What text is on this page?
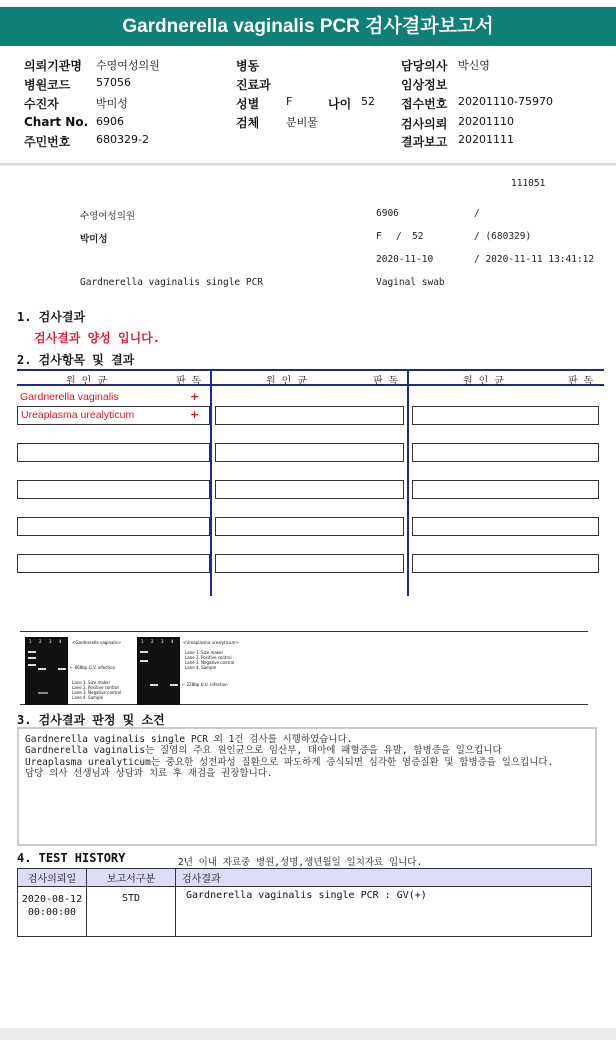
Gardnerella vaginalis PCR 검사결과보고서
의뢰기관명 수영여성의원
병원코드 57056
수진자	박미성
Chart No. 6906
주민번호 680329-2
병동
진료과
성별 F	나이 52
검체 분비물
담당의사 박신영
임상정보
접수번호 20201110-75970
검사의뢰 20201110
결과보고 20201111
111051
수영여성의원	6906	/
박미성	F / 52	/ (680329)
2020-11-10	/ 2020-11-11 13:41:12
Gardnerella vaginalis single PCR	Vaginal swab
1. 검사결과
검사결과 양성 입니다.
2. 검사항목 및 결과
원 인 균	판 독	원 인 균	판 독	원 인 균	판 독
Gardnerella vaginalis	+
Ureaplasma urealyticum	+
1 2 3 4	<Gardnerella vaginalis>
← 668bp G.V. infection
Lane 1. Size maker
Lane 2. Positive control
Lane 3. Negative control
Lane 4. Sample
1 2 3 4 <Ureaplasma urealyticum>
Lane 1. Size maker
Lane 2. Positive control
Lane 3. Negative control
Lane 4. Sample
← 228bp U.U. infection
3. 검사결과 판정 및 소견
Gardnerella vaginalis single PCR 외 1건 검사를 시행하였습니다.
Gardnerella vaginalis는 질염의 주요 원인균으로 임산부, 태아에 패혈증을 유발, 합병증을 일으킵니다
Ureaplasma urealyticum는 중요한 성전파성 질환으로 파도하게 증식되면 심각한 염증질환 및 합병증을 일으킵니다.
담당 의사 선생님과 상담과 치료 후 재검을 권장합니다.
4. TEST HISTORY	2년 이내 자료중 병원,성명,생년월일 일치자료 입니다.
검사의뢰일	보고서구분	검사결과

2020-08-12
00:00:00	STD	Gardnerella vaginalis single PCR : GV(+)
